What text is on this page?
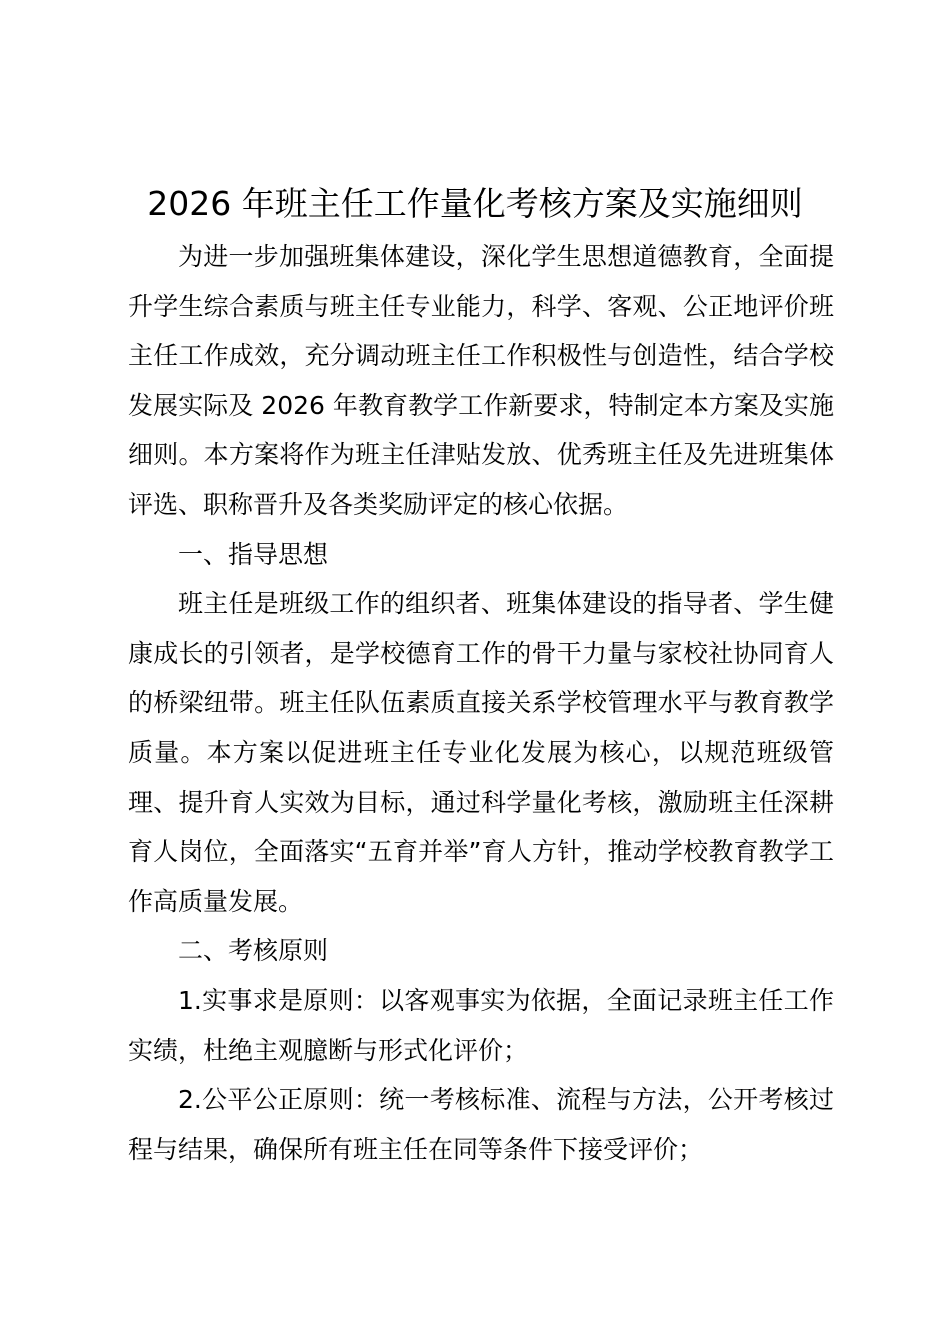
2026 年班主任工作量化考核方案及实施细则

为进一步加强班集体建设，深化学生思想道德教育，全面提升学生综合素质与班主任专业能力，科学、客观、公正地评价班主任工作成效，充分调动班主任工作积极性与创造性，结合学校发展实际及 2026 年教育教学工作新要求，特制定本方案及实施细则。本方案将作为班主任津贴发放、优秀班主任及先进班集体评选、职称晋升及各类奖励评定的核心依据。

一、指导思想

班主任是班级工作的组织者、班集体建设的指导者、学生健康成长的引领者，是学校德育工作的骨干力量与家校社协同育人的桥梁纽带。班主任队伍素质直接关系学校管理水平与教育教学质量。本方案以促进班主任专业化发展为核心，以规范班级管理、提升育人实效为目标，通过科学量化考核，激励班主任深耕育人岗位，全面落实“五育并举”育人方针，推动学校教育教学工作高质量发展。

二、考核原则

1.实事求是原则：以客观事实为依据，全面记录班主任工作实绩，杜绝主观臆断与形式化评价；

2.公平公正原则：统一考核标准、流程与方法，公开考核过程与结果，确保所有班主任在同等条件下接受评价；
